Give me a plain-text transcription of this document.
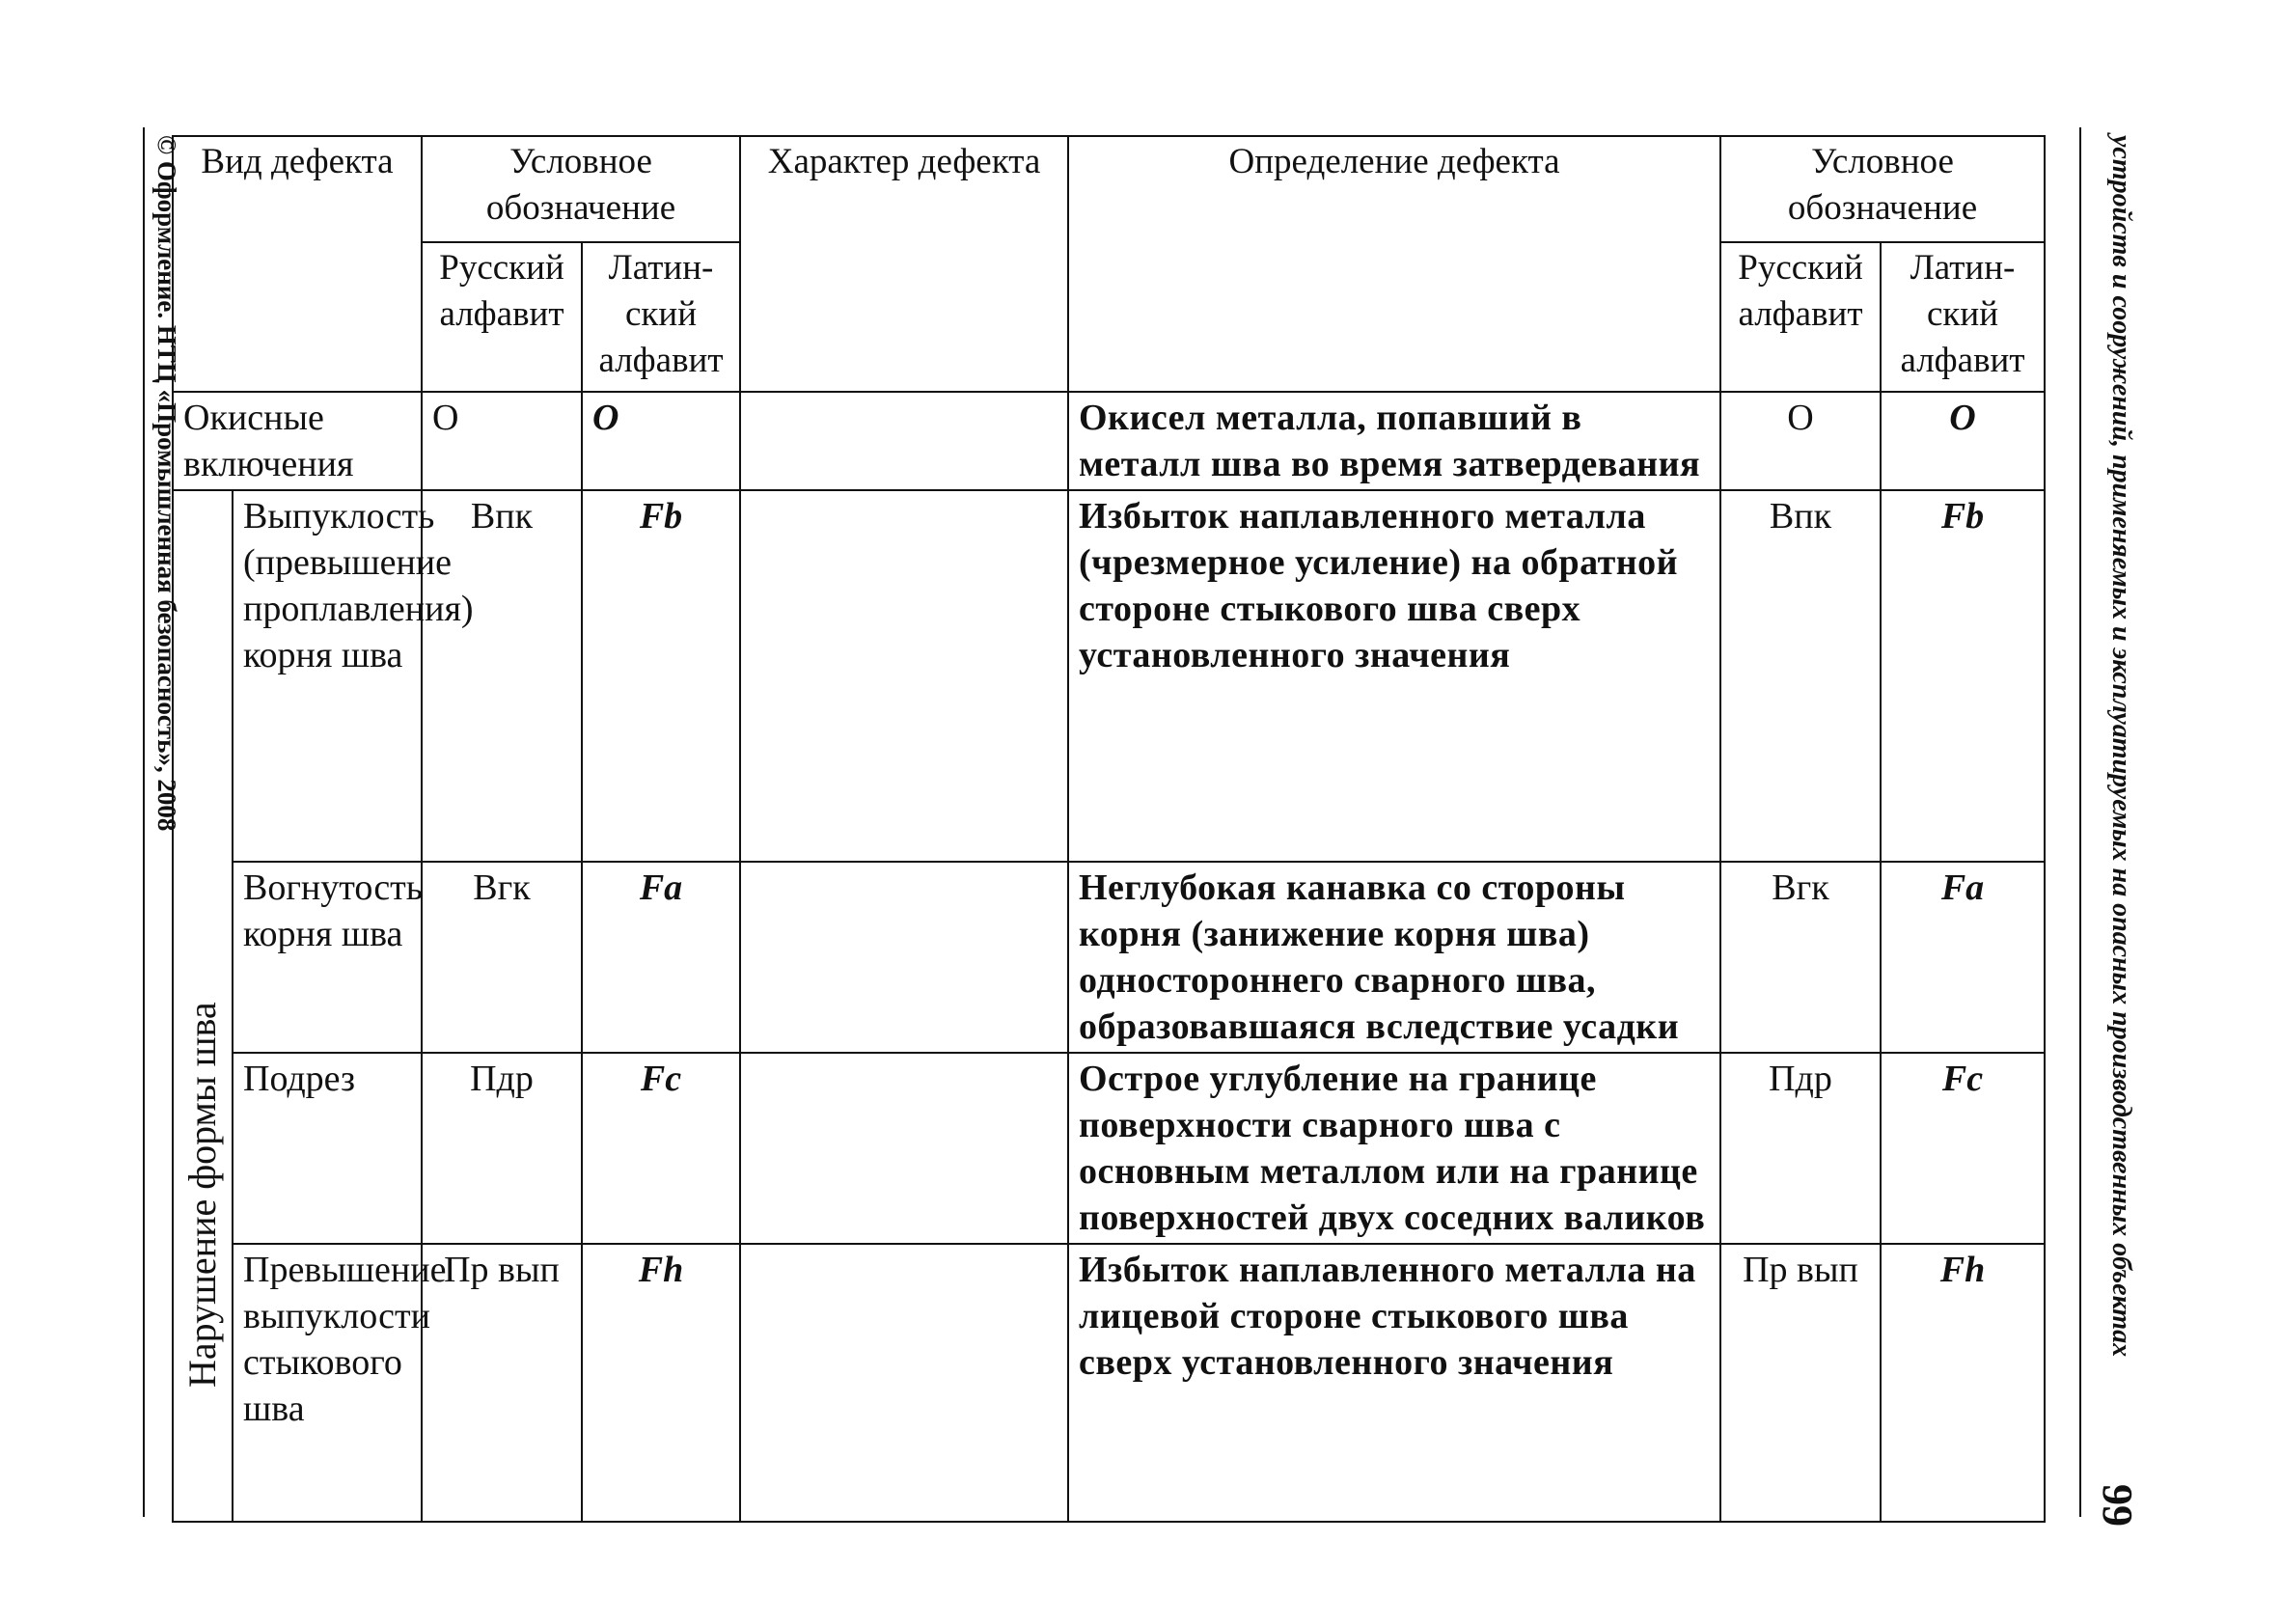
© Оформление. НТЦ «Промышленная безопасность», 2008	устройств и сооружений, применяемых и эксплуатируемых на опасных производственных объектах
99
Вид дефекта		Условное обозначение		Характер дефекта	Определение дефекта	Условное обозначение	
		Русский алфавит	Латин-ский алфавит			Русский алфавит	Латин-ский алфавит
Окисные включения		О	O		Окисел металла, попавший в металл шва во время затвердевания	О	O

Нарушение формы шва	Выпуклость (превышение проплавления) корня шва	Впк	Fb		Избыток наплавленного металла (чрезмерное усиление) на обратной стороне стыкового шва сверх установленного значения	Впк	Fb
	Вогнутость корня шва	Вгк	Fa		Неглубокая канавка со стороны корня (занижение корня шва) одностороннего сварного шва, образовавшаяся вследствие усадки	Вгк	Fa
	Подрез	Пдр	Fc		Острое углубление на границе поверхности сварного шва с основным металлом или на границе поверхностей двух соседних валиков	Пдр	Fc
	Превышение выпуклости стыкового шва	Пр вып	Fh		Избыток наплавленного металла на лицевой стороне стыкового шва сверх установленного значения	Пр вып	Fh
